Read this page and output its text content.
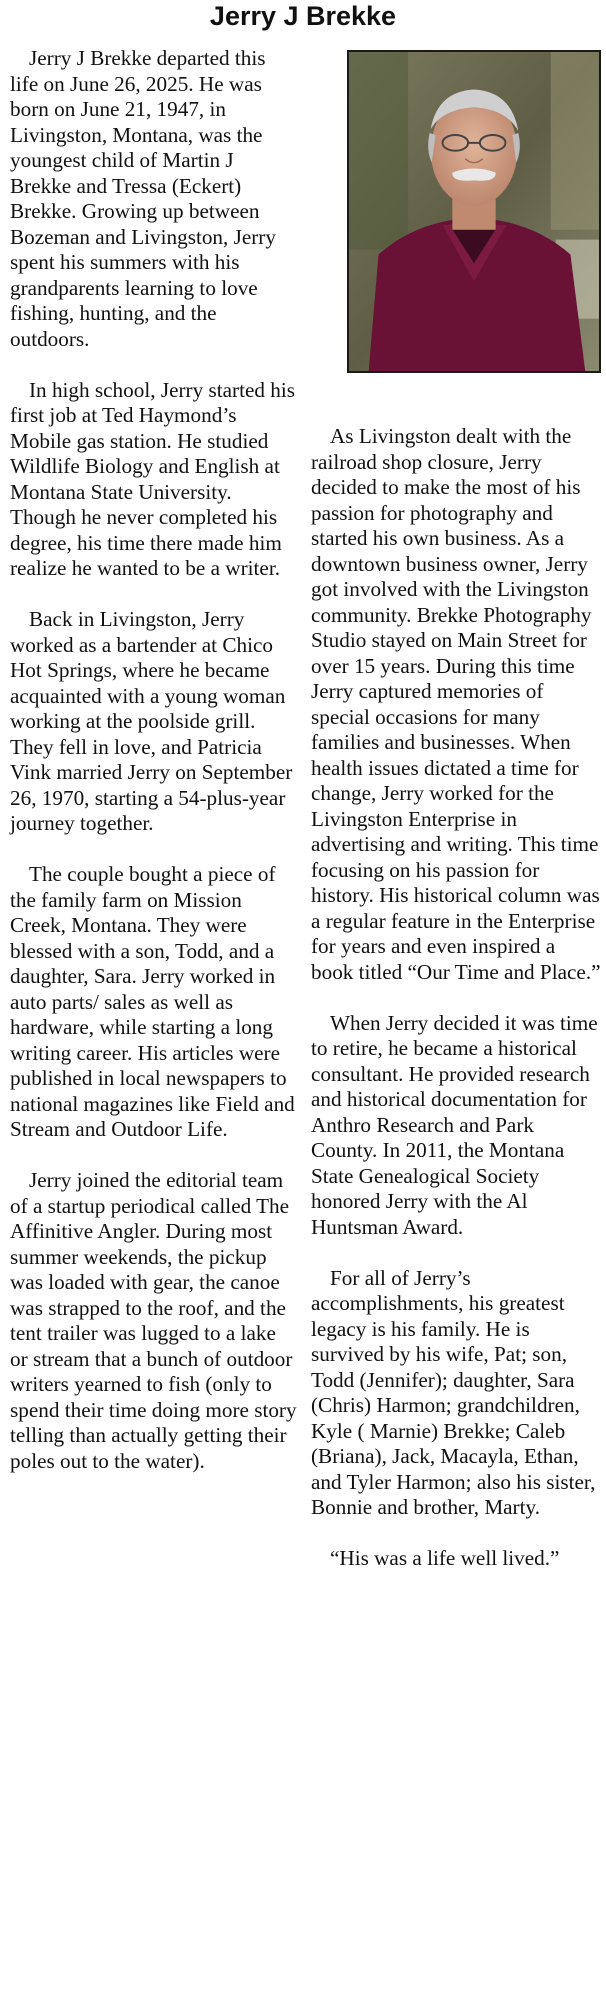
Jerry J Brekke

Jerry J Brekke departed this life on June 26, 2025. He was born on June 21, 1947, in Livingston, Montana, was the youngest child of Martin J Brekke and Tressa (Eckert) Brekke. Growing up between Bozeman and Livingston, Jerry spent his summers with his grandparents learning to love fishing, hunting, and the outdoors.

In high school, Jerry started his first job at Ted Haymond’s Mobile gas station. He studied Wildlife Biology and English at Montana State University. Though he never completed his degree, his time there made him realize he wanted to be a writer.

Back in Livingston, Jerry worked as a bartender at Chico Hot Springs, where he became acquainted with a young woman working at the poolside grill. They fell in love, and Patricia Vink married Jerry on September 26, 1970, starting a 54-plus-year journey together.

The couple bought a piece of the family farm on Mission Creek, Montana. They were blessed with a son, Todd, and a daughter, Sara. Jerry worked in auto parts/ sales as well as hardware, while starting a long writing career. His articles were published in local newspapers to national magazines like Field and Stream and Outdoor Life.

Jerry joined the editorial team of a startup periodical called The Affinitive Angler. During most summer weekends, the pickup was loaded with gear, the canoe was strapped to the roof, and the tent trailer was lugged to a lake or stream that a bunch of outdoor writers yearned to fish (only to spend their time doing more story telling than actually getting their poles out to the water).

As Livingston dealt with the railroad shop closure, Jerry decided to make the most of his passion for photography and started his own business. As a downtown business owner, Jerry got involved with the Livingston community. Brekke Photography Studio stayed on Main Street for over 15 years. During this time Jerry captured memories of special occasions for many families and businesses. When health issues dictated a time for change, Jerry worked for the Livingston Enterprise in advertising and writing. This time focusing on his passion for history. His historical column was a regular feature in the Enterprise for years and even inspired a book titled “Our Time and Place.”

When Jerry decided it was time to retire, he became a historical consultant. He provided research and historical documentation for Anthro Research and Park County. In 2011, the Montana State Genealogical Society honored Jerry with the Al Huntsman Award.

For all of Jerry’s accomplishments, his greatest legacy is his family. He is survived by his wife, Pat; son, Todd (Jennifer); daughter, Sara (Chris) Harmon; grandchildren, Kyle ( Marnie) Brekke; Caleb (Briana), Jack, Macayla, Ethan, and Tyler Harmon; also his sister, Bonnie and brother, Marty.

“His was a life well lived.”
